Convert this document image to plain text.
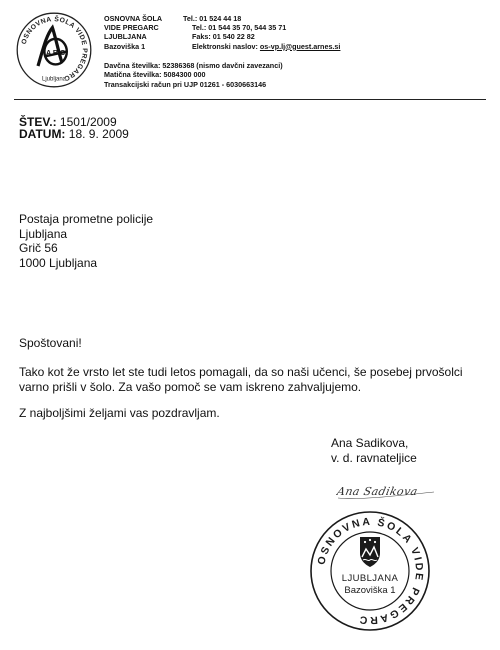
OSNOVNA ŠOLA VIDE PREGARC
Ljubljana
A B C
OSNOVNA ŠOLA
VIDE PREGARC
LJUBLJANA
Bazoviška 1
Tel.: 01 524 44 18
Tel.: 01 544 35 70, 544 35 71
Faks: 01 540 22 82
Elektronski naslov: os-vp.lj@guest.arnes.si
Davčna številka: 52386368 (nismo davčni zavezanci)
Matična številka: 5084300 000
Transakcijski račun pri UJP 01261 - 6030663146
ŠTEV.: 1501/2009
DATUM: 18. 9. 2009
Postaja prometne policije
Ljubljana
Grič 56
1000 Ljubljana
Spoštovani!
Tako kot že vrsto let ste tudi letos pomagali, da so naši učenci, še posebej prvošolci
varno prišli v šolo. Za vašo pomoč se vam iskreno zahvaljujemo.
Z najboljšimi željami vas pozdravljam.
Ana Sadikova,
v. d. ravnateljice
Ana Sadikova
OSNOVNA ŠOLA VIDE PREGARC
LJUBLJANA
Bazoviška 1
